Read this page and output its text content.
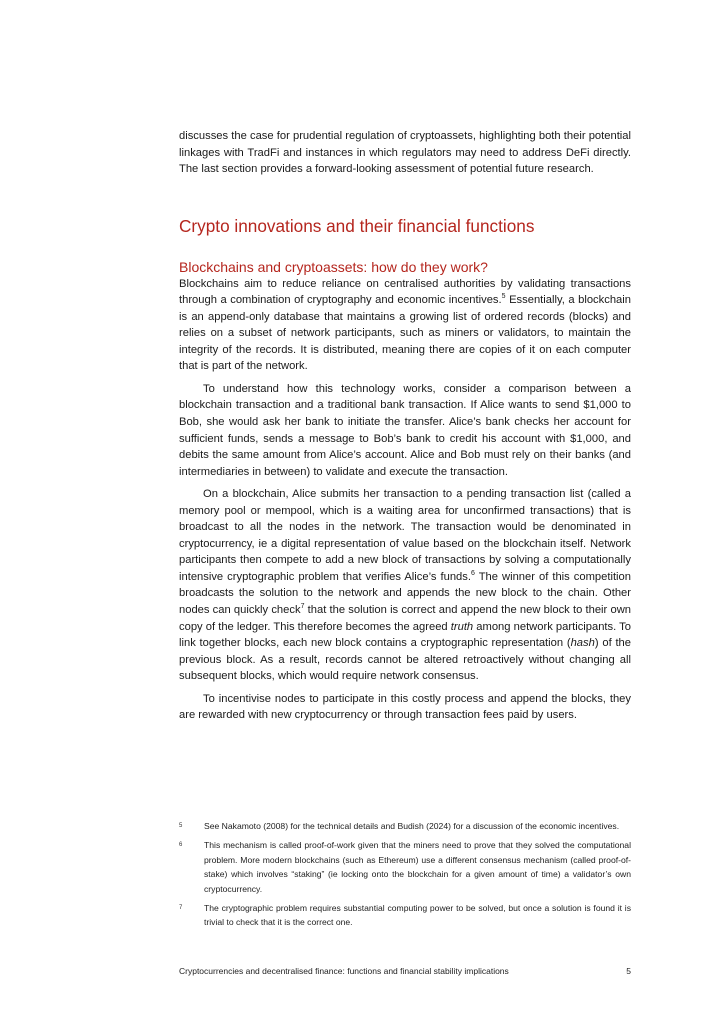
discusses the case for prudential regulation of cryptoassets, highlighting both their potential linkages with TradFi and instances in which regulators may need to address DeFi directly. The last section provides a forward-looking assessment of potential future research.

Crypto innovations and their financial functions
Blockchains and cryptoassets: how do they work?

Blockchains aim to reduce reliance on centralised authorities by validating transactions through a combination of cryptography and economic incentives.$^5$ Essentially, a blockchain is an append-only database that maintains a growing list of ordered records (blocks) and relies on a subset of network participants, such as miners or validators, to maintain the integrity of the records. It is distributed, meaning there are copies of it on each computer that is part of the network.

To understand how this technology works, consider a comparison between a blockchain transaction and a traditional bank transaction. If Alice wants to send $1,000 to Bob, she would ask her bank to initiate the transfer. Alice’s bank checks her account for sufficient funds, sends a message to Bob’s bank to credit his account with $1,000, and debits the same amount from Alice’s account. Alice and Bob must rely on their banks (and intermediaries in between) to validate and execute the transaction.

On a blockchain, Alice submits her transaction to a pending transaction list (called a memory pool or mempool, which is a waiting area for unconfirmed transactions) that is broadcast to all the nodes in the network. The transaction would be denominated in cryptocurrency, ie a digital representation of value based on the blockchain itself. Network participants then compete to add a new block of transactions by solving a computationally intensive cryptographic problem that verifies Alice’s funds.$^6$ The winner of this competition broadcasts the solution to the network and appends the new block to the chain. Other nodes can quickly check$^7$ that the solution is correct and append the new block to their own copy of the ledger. This therefore becomes the agreed truth among network participants. To link together blocks, each new block contains a cryptographic representation (hash) of the previous block. As a result, records cannot be altered retroactively without changing all subsequent blocks, which would require network consensus.

To incentivise nodes to participate in this costly process and append the blocks, they are rewarded with new cryptocurrency or through transaction fees paid by users.

5	See Nakamoto (2008) for the technical details and Budish (2024) for a discussion of the economic incentives.
6	This mechanism is called proof-of-work given that the miners need to prove that they solved the computational problem. More modern blockchains (such as Ethereum) use a different consensus mechanism (called proof-of-stake) which involves “staking” (ie locking onto the blockchain for a given amount of time) a validator’s own cryptocurrency.
7	The cryptographic problem requires substantial computing power to be solved, but once a solution is found it is trivial to check that it is the correct one.
Cryptocurrencies and decentralised finance: functions and financial stability implications	5
